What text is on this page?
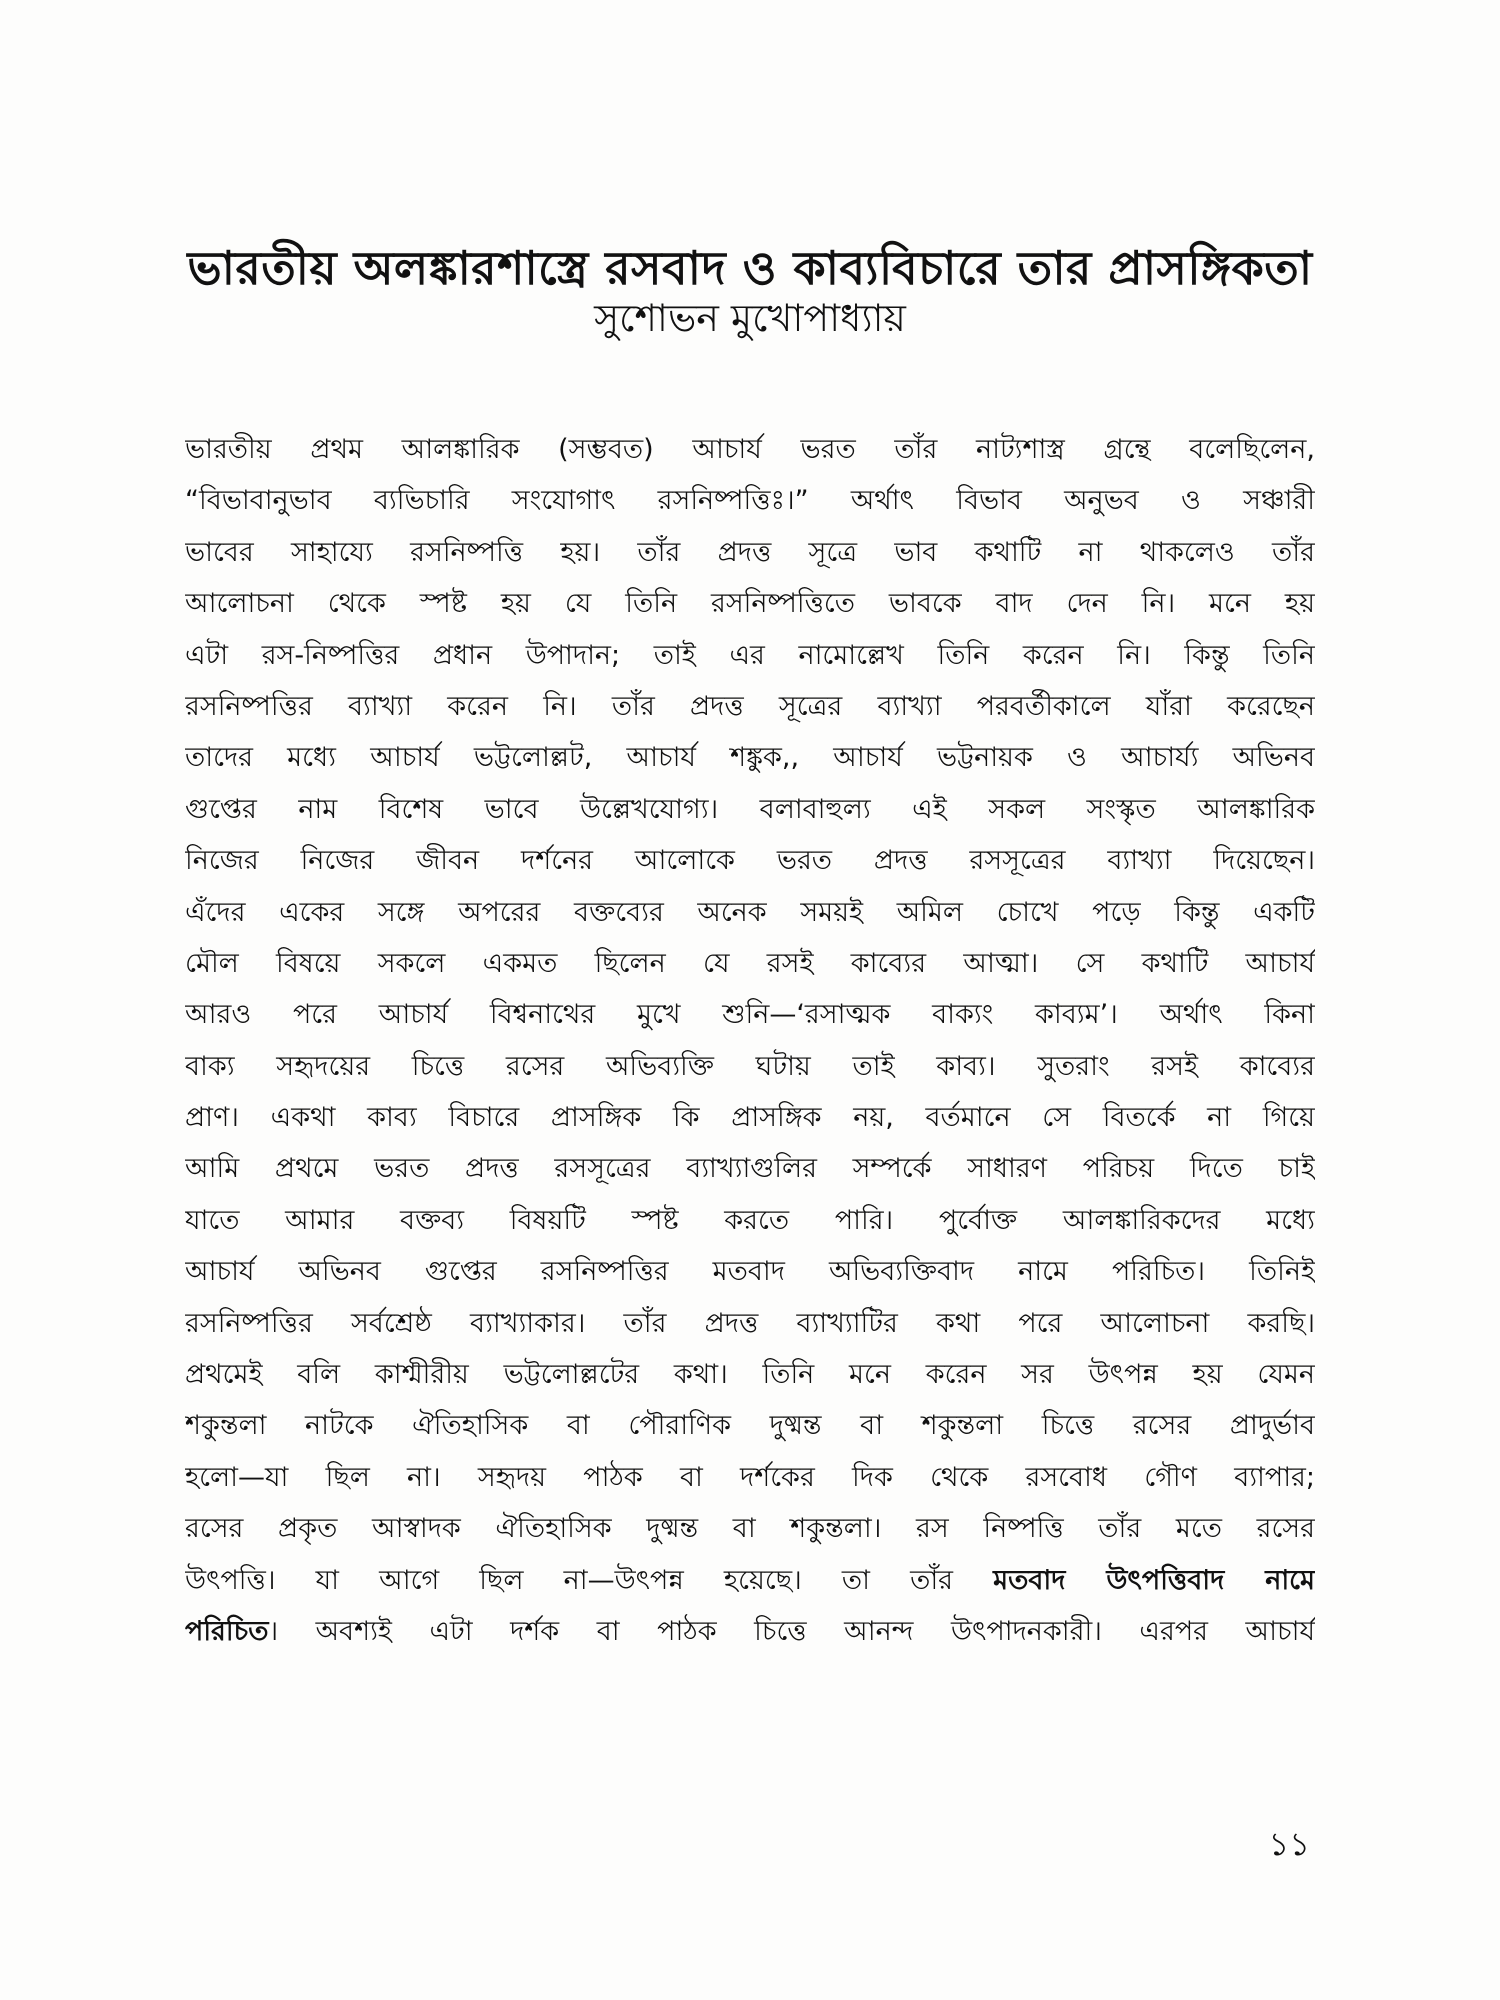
ভারতীয় অলঙ্কারশাস্ত্রে রসবাদ ও কাব্যবিচারে তার প্রাসঙ্গিকতা
সুশোভন মুখোপাধ্যায়
ভারতীয় প্রথম আলঙ্কারিক (সম্ভবত) আচার্য ভরত তাঁর নাট্যশাস্ত্র গ্রন্থে বলেছিলেন,
“বিভাবানুভাব ব্যভিচারি সংযোগাৎ রসনিষ্পত্তিঃ।” অর্থাৎ বিভাব অনুভব ও সঞ্চারী
ভাবের সাহায্যে রসনিষ্পত্তি হয়। তাঁর প্রদত্ত সূত্রে ভাব কথাটি না থাকলেও তাঁর
আলোচনা থেকে স্পষ্ট হয় যে তিনি রসনিষ্পত্তিতে ভাবকে বাদ দেন নি। মনে হয়
এটা রস-নিষ্পত্তির প্রধান উপাদান; তাই এর নামোল্লেখ তিনি করেন নি। কিন্তু তিনি
রসনিষ্পত্তির ব্যাখ্যা করেন নি। তাঁর প্রদত্ত সূত্রের ব্যাখ্যা পরবর্তীকালে যাঁরা করেছেন
তাদের মধ্যে আচার্য ভট্টলোল্লট, আচার্য শঙ্কুক,, আচার্য ভট্টনায়ক ও আচার্য্য অভিনব
গুপ্তের নাম বিশেষ ভাবে উল্লেখযোগ্য। বলাবাহুল্য এই সকল সংস্কৃত আলঙ্কারিক
নিজের নিজের জীবন দর্শনের আলোকে ভরত প্রদত্ত রসসূত্রের ব্যাখ্যা দিয়েছেন।
এঁদের একের সঙ্গে অপরের বক্তব্যের অনেক সময়ই অমিল চোখে পড়ে কিন্তু একটি
মৌল বিষয়ে সকলে একমত ছিলেন যে রসই কাব্যের আত্মা। সে কথাটি আচার্য
আরও পরে আচার্য বিশ্বনাথের মুখে শুনি—‘রসাত্মক বাক্যং কাব্যম’। অর্থাৎ কিনা
বাক্য সহৃদয়ের চিত্তে রসের অভিব্যক্তি ঘটায় তাই কাব্য। সুতরাং রসই কাব্যের
প্রাণ। একথা কাব্য বিচারে প্রাসঙ্গিক কি প্রাসঙ্গিক নয়, বর্তমানে সে বিতর্কে না গিয়ে
আমি প্রথমে ভরত প্রদত্ত রসসূত্রের ব্যাখ্যাগুলির সম্পর্কে সাধারণ পরিচয় দিতে চাই
যাতে আমার বক্তব্য বিষয়টি স্পষ্ট করতে পারি। পুর্বোক্ত আলঙ্কারিকদের মধ্যে
আচার্য অভিনব গুপ্তের রসনিষ্পত্তির মতবাদ অভিব্যক্তিবাদ নামে পরিচিত। তিনিই
রসনিষ্পত্তির সর্বশ্রেষ্ঠ ব্যাখ্যাকার। তাঁর প্রদত্ত ব্যাখ্যাটির কথা পরে আলোচনা করছি।
প্রথমেই বলি কাশ্মীরীয় ভট্টলোল্লটের কথা। তিনি মনে করেন সর উৎপন্ন হয় যেমন
শকুন্তলা নাটকে ঐতিহাসিক বা পৌরাণিক দুষ্মন্ত বা শকুন্তলা চিত্তে রসের প্রাদুর্ভাব
হলো—যা ছিল না। সহৃদয় পাঠক বা দর্শকের দিক থেকে রসবোধ গৌণ ব্যাপার;
রসের প্রকৃত আস্বাদক ঐতিহাসিক দুষ্মন্ত বা শকুন্তলা। রস নিষ্পত্তি তাঁর মতে রসের
উৎপত্তি। যা আগে ছিল না—উৎপন্ন হয়েছে। তা তাঁর মতবাদ উৎপত্তিবাদ নামে
পরিচিত। অবশ্যই এটা দর্শক বা পাঠক চিত্তে আনন্দ উৎপাদনকারী। এরপর আচার্য
১১
